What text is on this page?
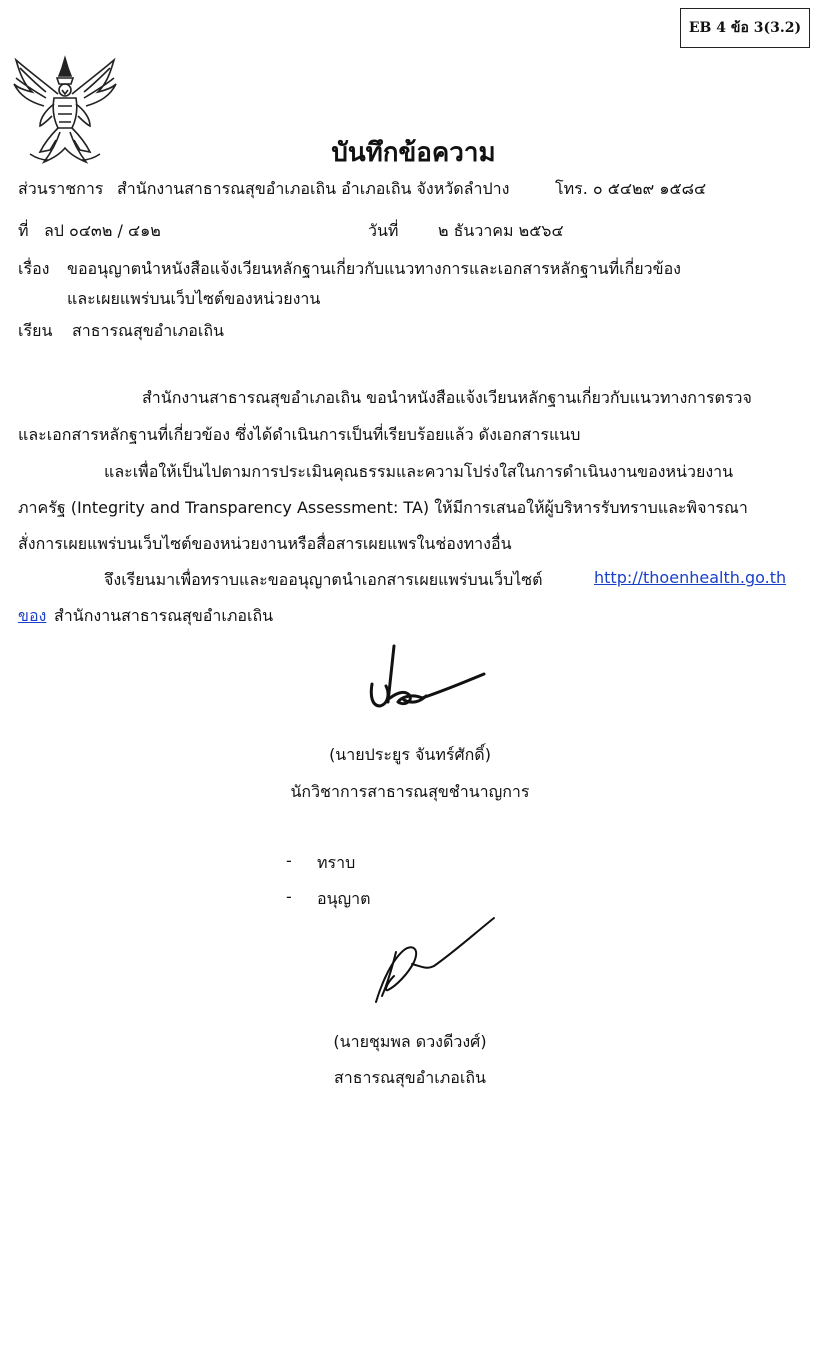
EB 4 ข้อ 3(3.2)
บันทึกข้อความ
ส่วนราชการ สำนักงานสาธารณสุขอำเภอเถิน อำเภอเถิน จังหวัดลำปาง	โทร. ๐ ๕๔๒๙ ๑๕๘๔
ที่ ลป ๐๔๓๒ / ๔๑๒	วันที่ ๒ ธันวาคม ๒๕๖๔
เรื่อง ขออนุญาตนำหนังสือแจ้งเวียนหลักฐานเกี่ยวกับแนวทางการและเอกสารหลักฐานที่เกี่ยวข้อง
และเผยแพร่บนเว็บไซต์ของหน่วยงาน
เรียน สาธารณสุขอำเภอเถิน
สำนักงานสาธารณสุขอำเภอเถิน ขอนำหนังสือแจ้งเวียนหลักฐานเกี่ยวกับแนวทางการตรวจ
และเอกสารหลักฐานที่เกี่ยวข้อง ซึ่งได้ดำเนินการเป็นที่เรียบร้อยแล้ว ดังเอกสารแนบ
และเพื่อให้เป็นไปตามการประเมินคุณธรรมและความโปร่งใสในการดำเนินงานของหน่วยงาน
ภาครัฐ (Integrity and Transparency Assessment: TA) ให้มีการเสนอให้ผู้บริหารรับทราบและพิจารณา
สั่งการเผยแพร่บนเว็บไซต์ของหน่วยงานหรือสื่อสารเผยแพรในช่องทางอื่น
จึงเรียนมาเพื่อทราบและขออนุญาตนำเอกสารเผยแพร่บนเว็บไซต์	http://thoenhealth.go.th
ของ สำนักงานสาธารณสุขอำเภอเถิน
(นายประยูร จันทร์ศักดิ์)
นักวิชาการสาธารณสุขชำนาญการ
- ทราบ
- อนุญาต
(นายชุมพล ดวงดีวงศ์)
สาธารณสุขอำเภอเถิน
